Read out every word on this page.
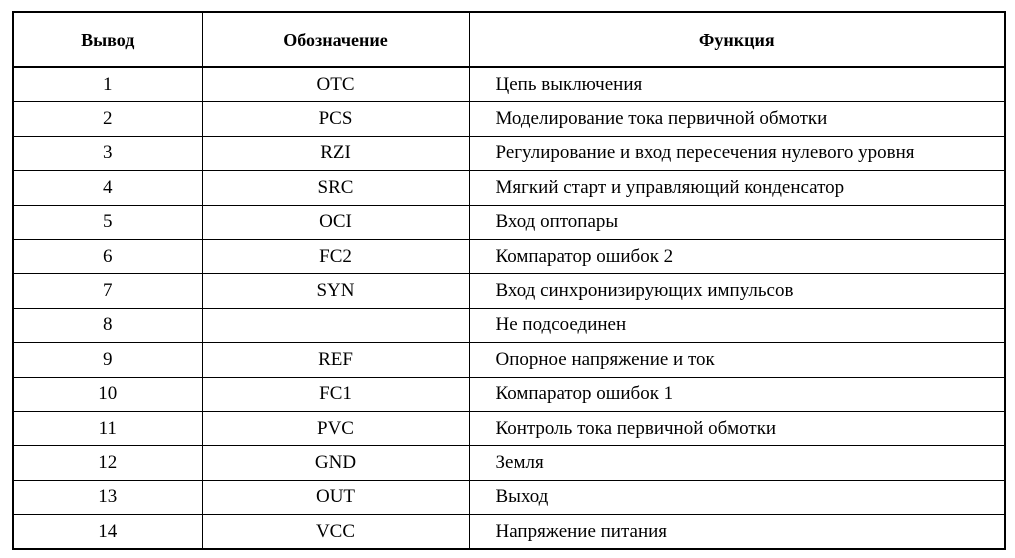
Вывод	Обозначение	Функция
1	OTC	Цепь выключения
2	PCS	Моделирование тока первичной обмотки
3	RZI	Регулирование и вход пересечения нулевого уровня
4	SRC	Мягкий старт и управляющий конденсатор
5	OCI	Вход оптопары
6	FC2	Компаратор ошибок 2
7	SYN	Вход синхронизирующих импульсов
8		Не подсоединен
9	REF	Опорное напряжение и ток
10	FC1	Компаратор ошибок 1
11	PVC	Контроль тока первичной обмотки
12	GND	Земля
13	OUT	Выход
14	VCC	Напряжение питания
